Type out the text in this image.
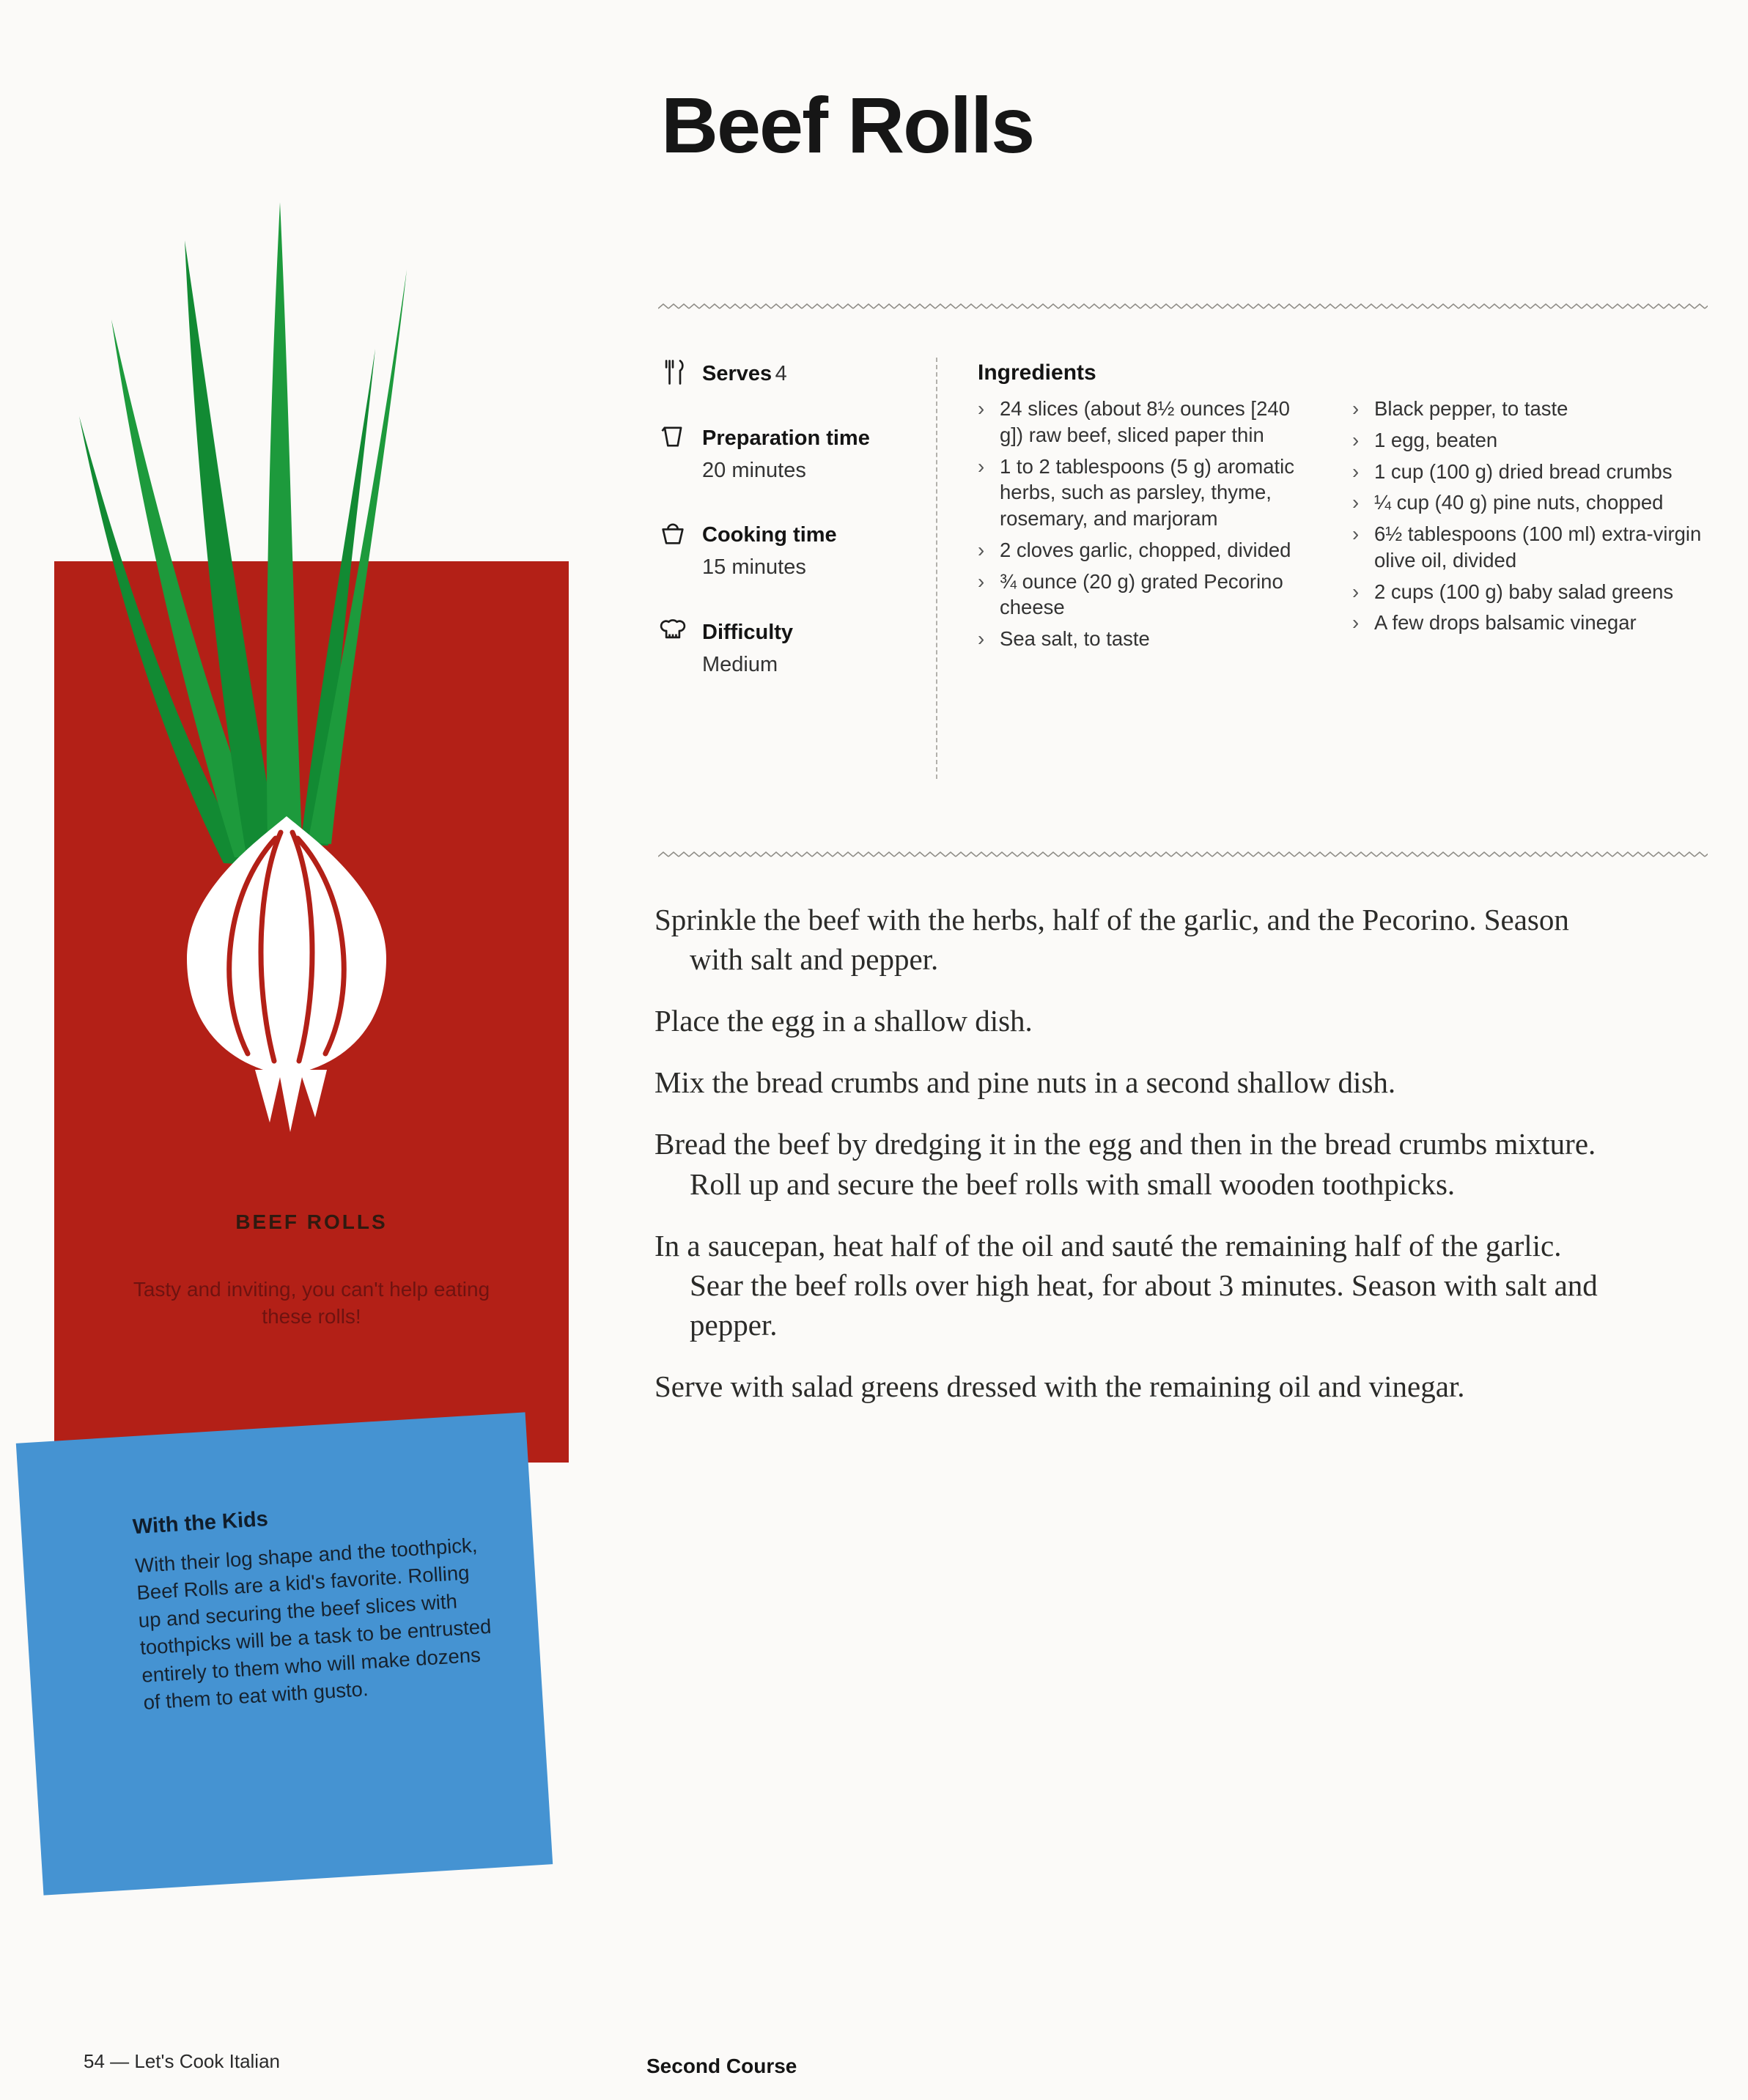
Beef Rolls
Serves 4
Preparation time
20 minutes
Cooking time
15 minutes
Difficulty
Medium
Ingredients
› 24 slices (about 8½ ounces [240 g]) raw beef, sliced paper thin
› 1 to 2 tablespoons (5 g) aromatic herbs, such as parsley, thyme, rosemary, and marjoram
› 2 cloves garlic, chopped, divided
› ¾ ounce (20 g) grated Pecorino cheese
› Sea salt, to taste
› Black pepper, to taste
› 1 egg, beaten
› 1 cup (100 g) dried bread crumbs
› ¼ cup (40 g) pine nuts, chopped
› 6½ tablespoons (100 ml) extra-virgin olive oil, divided
› 2 cups (100 g) baby salad greens
› A few drops balsamic vinegar

Sprinkle the beef with the herbs, half of the garlic, and the Pecorino. Season with salt and pepper.

Place the egg in a shallow dish.

Mix the bread crumbs and pine nuts in a second shallow dish.

Bread the beef by dredging it in the egg and then in the bread crumbs mixture. Roll up and secure the beef rolls with small wooden toothpicks.

In a saucepan, heat half of the oil and sauté the remaining half of the garlic. Sear the beef rolls over high heat, for about 3 minutes. Season with salt and pepper.

Serve with salad greens dressed with the remaining oil and vinegar.

BEEF ROLLS
Tasty and inviting, you can't help eating these rolls!
With the Kids
With their log shape and the toothpick, Beef Rolls are a kid's favorite. Rolling up and securing the beef slices with toothpicks will be a task to be entrusted entirely to them who will make dozens of them to eat with gusto.
54 — Let's Cook Italian	Second Course
